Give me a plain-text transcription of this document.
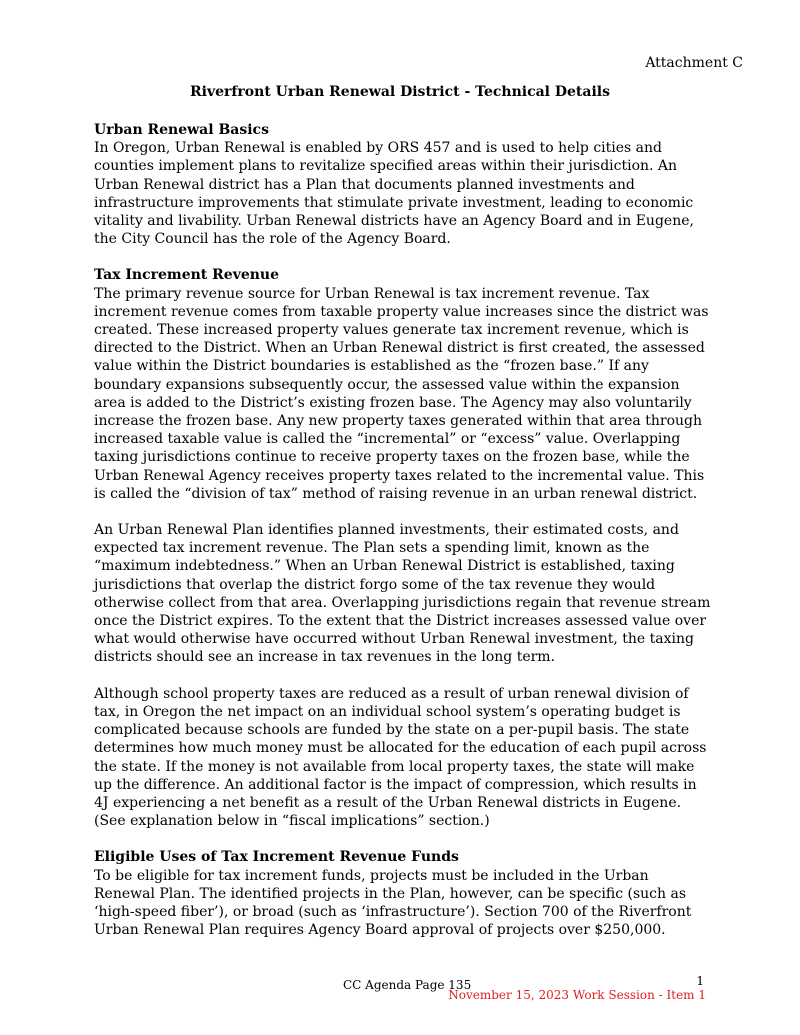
Attachment C
Riverfront Urban Renewal District - Technical Details
Urban Renewal Basics

In Oregon, Urban Renewal is enabled by ORS 457 and is used to help cities and counties implement plans to revitalize specified areas within their jurisdiction. An Urban Renewal district has a Plan that documents planned investments and infrastructure improvements that stimulate private investment, leading to economic vitality and livability. Urban Renewal districts have an Agency Board and in Eugene, the City Council has the role of the Agency Board.

Tax Increment Revenue

The primary revenue source for Urban Renewal is tax increment revenue. Tax increment revenue comes from taxable property value increases since the district was created. These increased property values generate tax increment revenue, which is directed to the District. When an Urban Renewal district is first created, the assessed value within the District boundaries is established as the “frozen base.” If any boundary expansions subsequently occur, the assessed value within the expansion area is added to the District’s existing frozen base. The Agency may also voluntarily increase the frozen base. Any new property taxes generated within that area through increased taxable value is called the “incremental” or “excess” value. Overlapping taxing jurisdictions continue to receive property taxes on the frozen base, while the Urban Renewal Agency receives property taxes related to the incremental value. This is called the “division of tax” method of raising revenue in an urban renewal district.

An Urban Renewal Plan identifies planned investments, their estimated costs, and expected tax increment revenue. The Plan sets a spending limit, known as the “maximum indebtedness.” When an Urban Renewal District is established, taxing jurisdictions that overlap the district forgo some of the tax revenue they would otherwise collect from that area. Overlapping jurisdictions regain that revenue stream once the District expires. To the extent that the District increases assessed value over what would otherwise have occurred without Urban Renewal investment, the taxing districts should see an increase in tax revenues in the long term.

Although school property taxes are reduced as a result of urban renewal division of tax, in Oregon the net impact on an individual school system’s operating budget is complicated because schools are funded by the state on a per-pupil basis. The state determines how much money must be allocated for the education of each pupil across the state. If the money is not available from local property taxes, the state will make up the difference. An additional factor is the impact of compression, which results in 4J experiencing a net benefit as a result of the Urban Renewal districts in Eugene. (See explanation below in “fiscal implications” section.)

Eligible Uses of Tax Increment Revenue Funds

To be eligible for tax increment funds, projects must be included in the Urban Renewal Plan. The identified projects in the Plan, however, can be specific (such as ‘high-speed fiber’), or broad (such as ‘infrastructure’). Section 700 of the Riverfront Urban Renewal Plan requires Agency Board approval of projects over $250,000.

CC Agenda Page 135	1
November 15, 2023 Work Session - Item 1
